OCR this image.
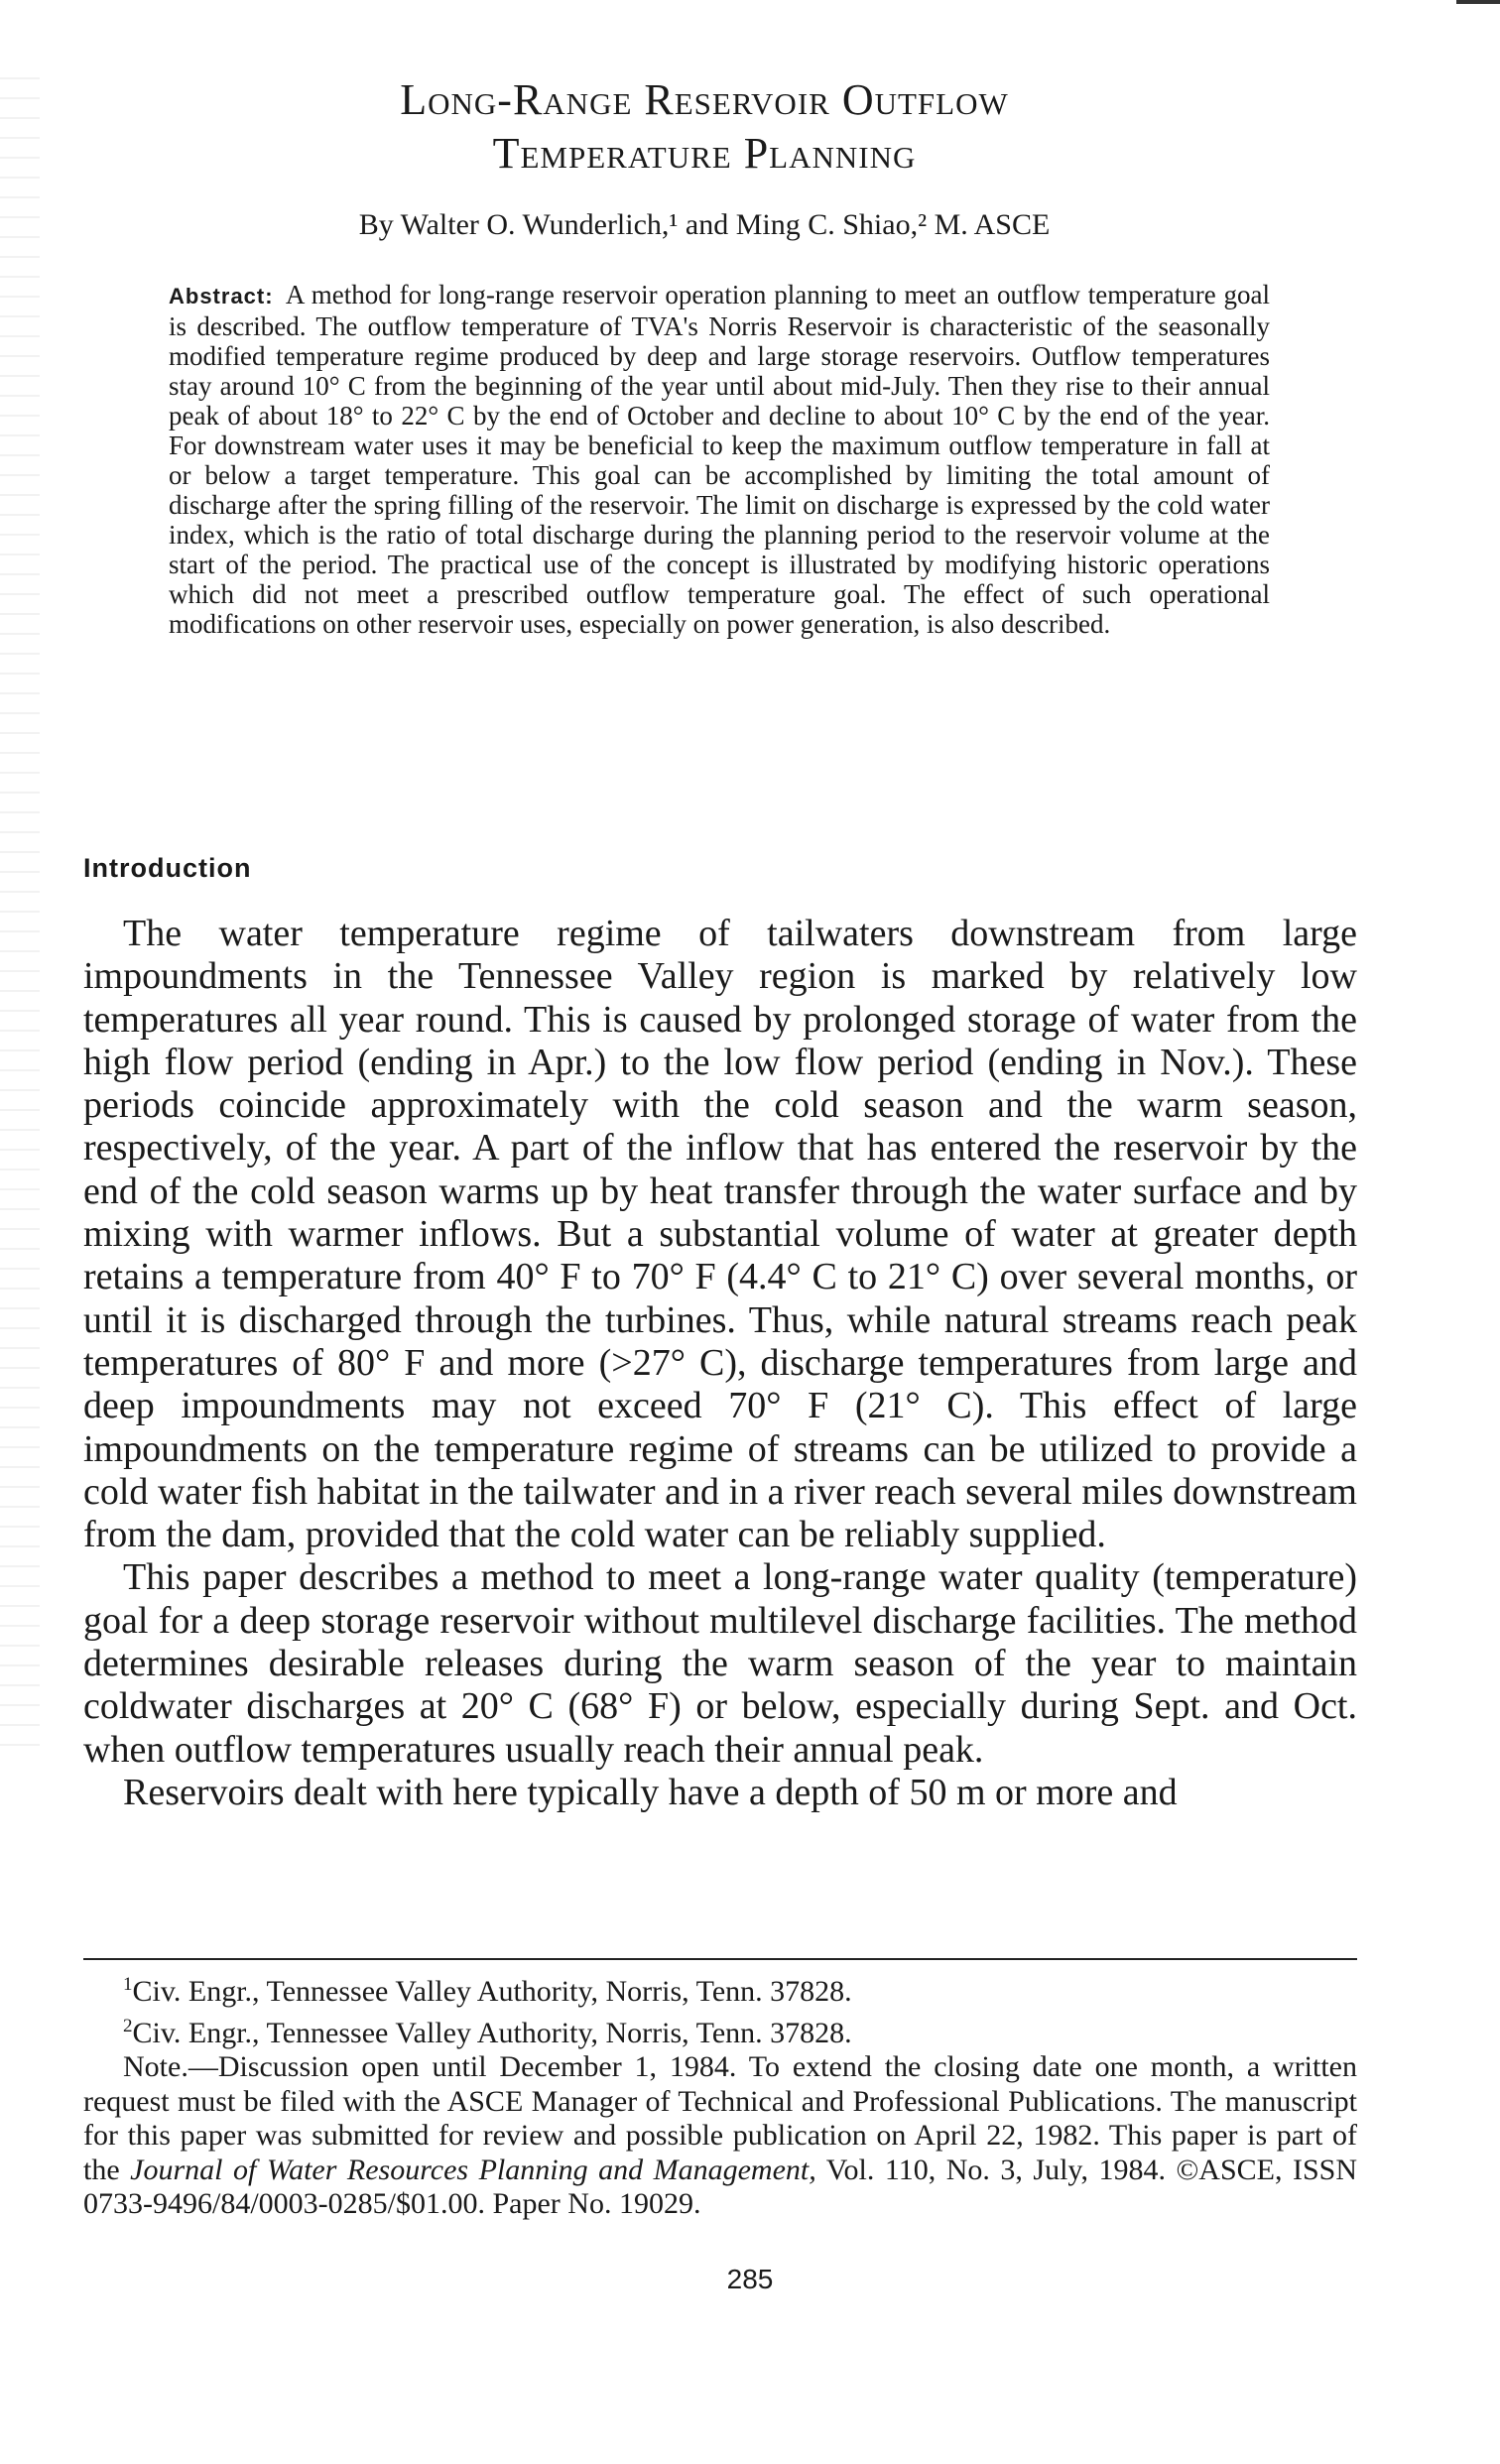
Long-Range Reservoir Outflow
Temperature Planning
By Walter O. Wunderlich,¹ and Ming C. Shiao,² M. ASCE
Abstract: A method for long-range reservoir operation planning to meet an outflow temperature goal is described. The outflow temperature of TVA's Norris Reservoir is characteristic of the seasonally modified temperature regime produced by deep and large storage reservoirs. Outflow temperatures stay around 10° C from the beginning of the year until about mid-July. Then they rise to their annual peak of about 18° to 22° C by the end of October and decline to about 10° C by the end of the year. For downstream water uses it may be beneficial to keep the maximum outflow temperature in fall at or below a target temperature. This goal can be accomplished by limiting the total amount of discharge after the spring filling of the reservoir. The limit on discharge is expressed by the cold water index, which is the ratio of total discharge during the planning period to the reservoir volume at the start of the period. The practical use of the concept is illustrated by modifying historic operations which did not meet a prescribed outflow temperature goal. The effect of such operational modifications on other reservoir uses, especially on power generation, is also described.
Introduction

The water temperature regime of tailwaters downstream from large impoundments in the Tennessee Valley region is marked by relatively low temperatures all year round. This is caused by prolonged storage of water from the high flow period (ending in Apr.) to the low flow period (ending in Nov.). These periods coincide approximately with the cold season and the warm season, respectively, of the year. A part of the inflow that has entered the reservoir by the end of the cold season warms up by heat transfer through the water surface and by mixing with warmer inflows. But a substantial volume of water at greater depth retains a temperature from 40° F to 70° F (4.4° C to 21° C) over several months, or until it is discharged through the turbines. Thus, while natural streams reach peak temperatures of 80° F and more (>27° C), discharge temperatures from large and deep impoundments may not exceed 70° F (21° C). This effect of large impoundments on the temperature regime of streams can be utilized to provide a cold water fish habitat in the tailwater and in a river reach several miles downstream from the dam, provided that the cold water can be reliably supplied.

This paper describes a method to meet a long-range water quality (temperature) goal for a deep storage reservoir without multilevel discharge facilities. The method determines desirable releases during the warm season of the year to maintain coldwater discharges at 20° C (68° F) or below, especially during Sept. and Oct. when outflow temperatures usually reach their annual peak.

Reservoirs dealt with here typically have a depth of 50 m or more and

$^1$Civ. Engr., Tennessee Valley Authority, Norris, Tenn. 37828.

$^2$Civ. Engr., Tennessee Valley Authority, Norris, Tenn. 37828.

Note.—Discussion open until December 1, 1984. To extend the closing date one month, a written request must be filed with the ASCE Manager of Technical and Professional Publications. The manuscript for this paper was submitted for review and possible publication on April 22, 1982. This paper is part of the Journal of Water Resources Planning and Management, Vol. 110, No. 3, July, 1984. ©ASCE, ISSN 0733-9496/84/0003-0285/$01.00. Paper No. 19029.

285
